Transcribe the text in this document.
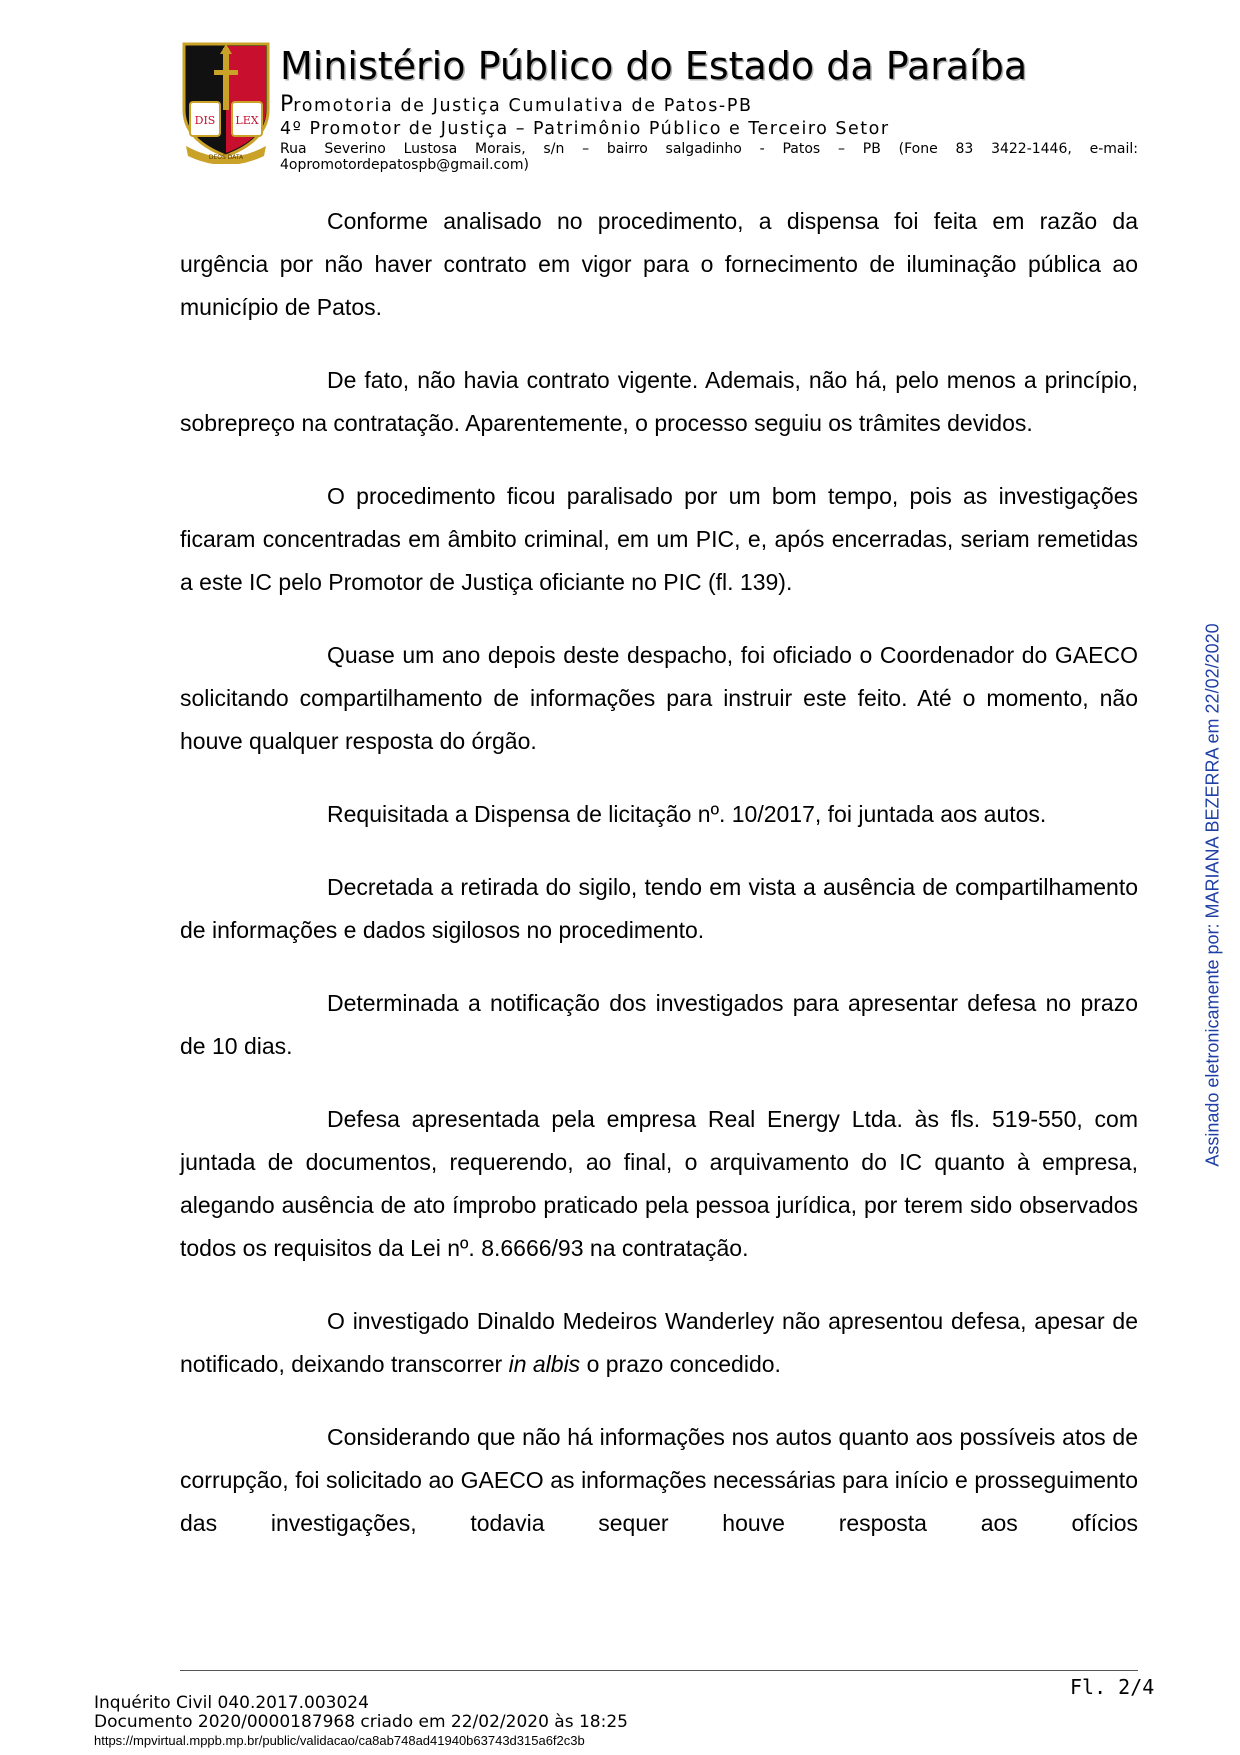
DIS LEX
DEOS DATA
Ministério Público do Estado da Paraíba
Promotoria de Justiça Cumulativa de Patos-PB
4º Promotor de Justiça – Patrimônio Público e Terceiro Setor
Rua Severino Lustosa Morais, s/n – bairro salgadinho - Patos – PB (Fone 83 3422-1446, e-mail: 4opromotordepatospb@gmail.com)

Conforme analisado no procedimento, a dispensa foi feita em razão da urgência por não haver contrato em vigor para o fornecimento de iluminação pública ao município de Patos.

De fato, não havia contrato vigente. Ademais, não há, pelo menos a princípio, sobrepreço na contratação. Aparentemente, o processo seguiu os trâmites devidos.

O procedimento ficou paralisado por um bom tempo, pois as investigações ficaram concentradas em âmbito criminal, em um PIC, e, após encerradas, seriam remetidas a este IC pelo Promotor de Justiça oficiante no PIC (fl. 139).

Quase um ano depois deste despacho, foi oficiado o Coordenador do GAECO solicitando compartilhamento de informações para instruir este feito. Até o momento, não houve qualquer resposta do órgão.

Requisitada a Dispensa de licitação nº. 10/2017, foi juntada aos autos.

Decretada a retirada do sigilo, tendo em vista a ausência de compartilhamento de informações e dados sigilosos no procedimento.

Determinada a notificação dos investigados para apresentar defesa no prazo de 10 dias.

Defesa apresentada pela empresa Real Energy Ltda. às fls. 519-550, com juntada de documentos, requerendo, ao final, o arquivamento do IC quanto à empresa, alegando ausência de ato ímprobo praticado pela pessoa jurídica, por terem sido observados todos os requisitos da Lei nº. 8.6666/93 na contratação.

O investigado Dinaldo Medeiros Wanderley não apresentou defesa, apesar de notificado, deixando transcorrer in albis o prazo concedido.

Considerando que não há informações nos autos quanto aos possíveis atos de corrupção, foi solicitado ao GAECO as informações necessárias para início e prosseguimento das investigações, todavia sequer houve resposta aos ofícios

Fl. 2/4
Inquérito Civil 040.2017.003024
Documento 2020/0000187968 criado em 22/02/2020 às 18:25
https://mpvirtual.mppb.mp.br/public/validacao/ca8ab748ad41940b63743d315a6f2c3b
Assinado eletronicamente por: MARIANA BEZERRA em 22/02/2020
